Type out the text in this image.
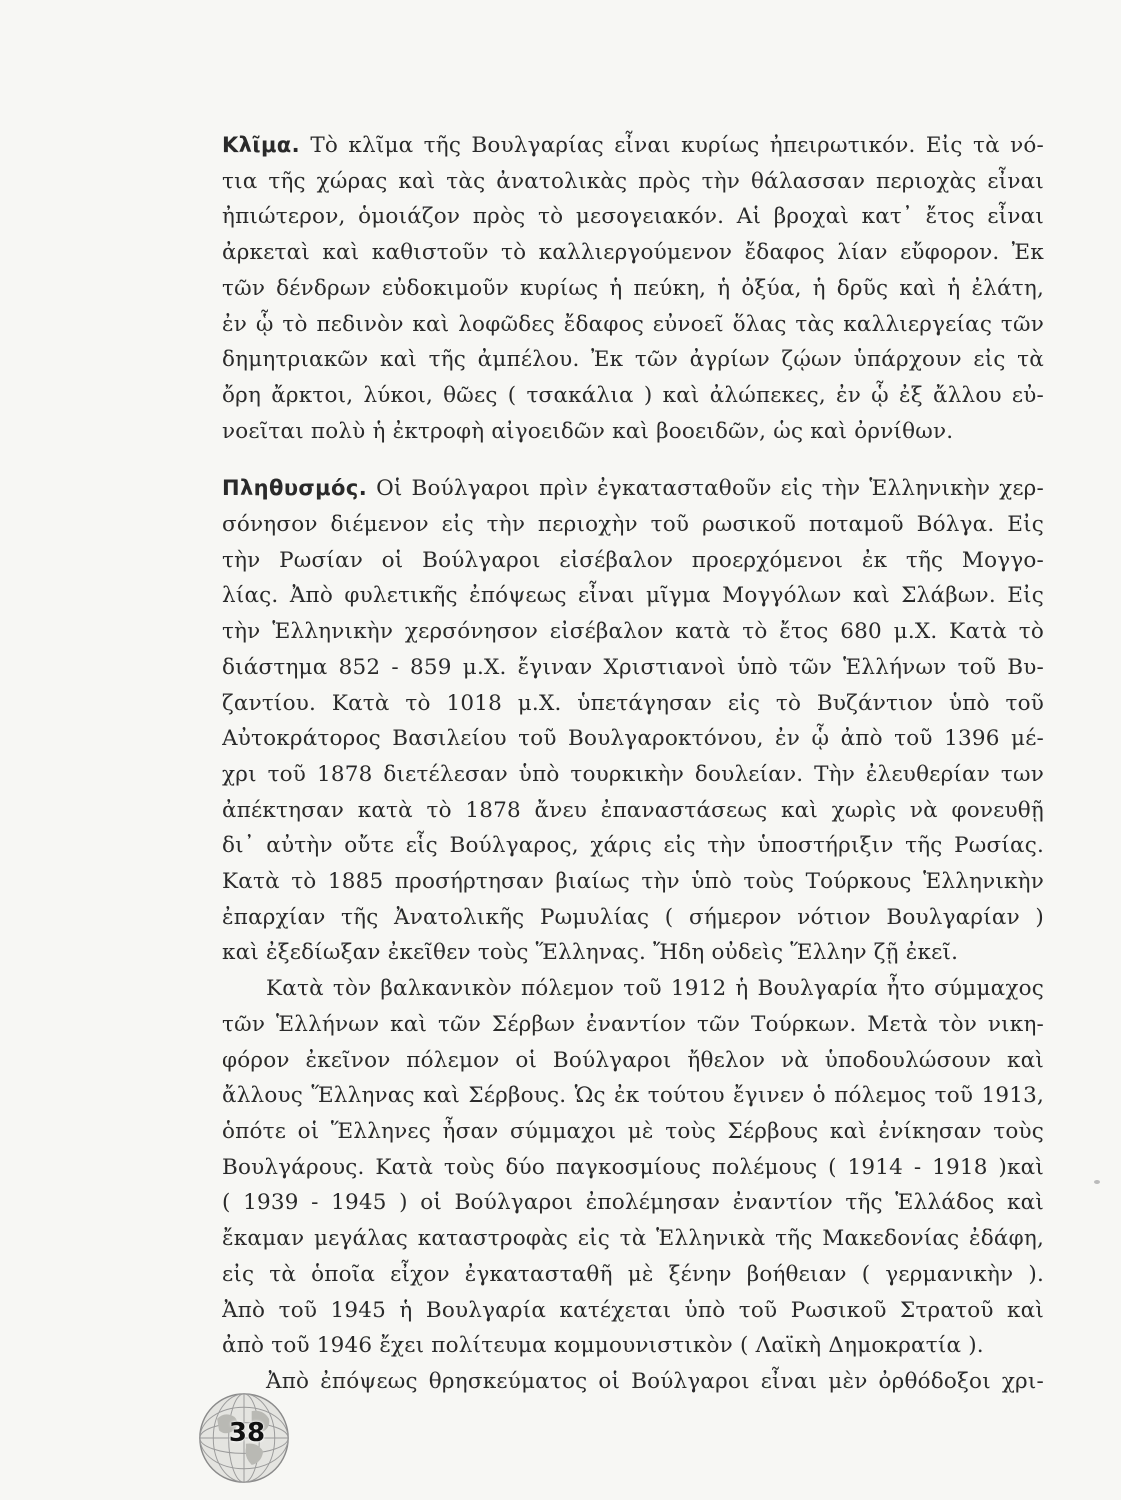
Κλῖμα. Τὸ κλῖμα τῆς Βουλγαρίας εἶναι κυρίως ἠπειρωτικόν. Εἰς τὰ νό-
τια τῆς χώρας καὶ τὰς ἀνατολικὰς πρὸς τὴν θάλασσαν περιοχὰς εἶναι
ἠπιώτερον, ὁμοιάζον πρὸς τὸ μεσογειακόν. Αἱ βροχαὶ κατ᾽ ἔτος εἶναι
ἀρκεταὶ καὶ καθιστοῦν τὸ καλλιεργούμενον ἔδαφος λίαν εὔφορον. Ἐκ
τῶν δένδρων εὐδοκιμοῦν κυρίως ἡ πεύκη, ἡ ὀξύα, ἡ δρῦς καὶ ἡ ἐλάτη,
ἐν ᾧ τὸ πεδινὸν καὶ λοφῶδες ἔδαφος εὐνοεῖ ὅλας τὰς καλλιεργείας τῶν
δημητριακῶν καὶ τῆς ἀμπέλου. Ἐκ τῶν ἀγρίων ζῴων ὑπάρχουν εἰς τὰ
ὄρη ἄρκτοι, λύκοι, θῶες ( τσακάλια ) καὶ ἀλώπεκες, ἐν ᾧ ἐξ ἄλλου εὐ-
νοεῖται πολὺ ἡ ἐκτροφὴ αἰγοειδῶν καὶ βοοειδῶν, ὡς καὶ ὀρνίθων.
Πληθυσμός. Οἱ Βούλγαροι πρὶν ἐγκατασταθοῦν εἰς τὴν Ἑλληνικὴν χερ-
σόνησον διέμενον εἰς τὴν περιοχὴν τοῦ ρωσικοῦ ποταμοῦ Βόλγα. Εἰς
τὴν Ρωσίαν οἱ Βούλγαροι εἰσέβαλον προερχόμενοι ἐκ τῆς Μογγο-
λίας. Ἀπὸ φυλετικῆς ἐπόψεως εἶναι μῖγμα Μογγόλων καὶ Σλάβων. Εἰς
τὴν Ἑλληνικὴν χερσόνησον εἰσέβαλον κατὰ τὸ ἔτος 680 μ.Χ. Κατὰ τὸ
διάστημα 852 - 859 μ.Χ. ἔγιναν Χριστιανοὶ ὑπὸ τῶν Ἑλλήνων τοῦ Βυ-
ζαντίου. Κατὰ τὸ 1018 μ.Χ. ὑπετάγησαν εἰς τὸ Βυζάντιον ὑπὸ τοῦ
Αὐτοκράτορος Βασιλείου τοῦ Βουλγαροκτόνου, ἐν ᾧ ἀπὸ τοῦ 1396 μέ-
χρι τοῦ 1878 διετέλεσαν ὑπὸ τουρκικὴν δουλείαν. Τὴν ἐλευθερίαν των
ἀπέκτησαν κατὰ τὸ 1878 ἄνευ ἐπαναστάσεως καὶ χωρὶς νὰ φονευθῇ
δι᾽ αὐτὴν οὔτε εἷς Βούλγαρος, χάρις εἰς τὴν ὑποστήριξιν τῆς Ρωσίας.
Κατὰ τὸ 1885 προσήρτησαν βιαίως τὴν ὑπὸ τοὺς Τούρκους Ἑλληνικὴν
ἐπαρχίαν τῆς Ἀνατολικῆς Ρωμυλίας ( σήμερον νότιον Βουλγαρίαν )
καὶ ἐξεδίωξαν ἐκεῖθεν τοὺς Ἕλληνας. Ἤδη οὐδεὶς Ἕλλην ζῇ ἐκεῖ.
Κατὰ τὸν βαλκανικὸν πόλεμον τοῦ 1912 ἡ Βουλγαρία ἦτο σύμμαχος
τῶν Ἑλλήνων καὶ τῶν Σέρβων ἐναντίον τῶν Τούρκων. Μετὰ τὸν νικη-
φόρον ἐκεῖνον πόλεμον οἱ Βούλγαροι ἤθελον νὰ ὑποδουλώσουν καὶ
ἄλλους Ἕλληνας καὶ Σέρβους. Ὡς ἐκ τούτου ἔγινεν ὁ πόλεμος τοῦ 1913,
ὁπότε οἱ Ἕλληνες ἦσαν σύμμαχοι μὲ τοὺς Σέρβους καὶ ἐνίκησαν τοὺς
Βουλγάρους. Κατὰ τοὺς δύο παγκοσμίους πολέμους ( 1914 - 1918 )καὶ
( 1939 - 1945 ) οἱ Βούλγαροι ἐπολέμησαν ἐναντίον τῆς Ἑλλάδος καὶ
ἔκαμαν μεγάλας καταστροφὰς εἰς τὰ Ἑλληνικὰ τῆς Μακεδονίας ἐδάφη,
εἰς τὰ ὁποῖα εἶχον ἐγκατασταθῆ μὲ ξένην βοήθειαν ( γερμανικὴν ).
Ἀπὸ τοῦ 1945 ἡ Βουλγαρία κατέχεται ὑπὸ τοῦ Ρωσικοῦ Στρατοῦ καὶ
ἀπὸ τοῦ 1946 ἔχει πολίτευμα κομμουνιστικὸν ( Λαϊκὴ Δημοκρατία ).
Ἀπὸ ἐπόψεως θρησκεύματος οἱ Βούλγαροι εἶναι μὲν ὀρθόδοξοι χρι-
38
